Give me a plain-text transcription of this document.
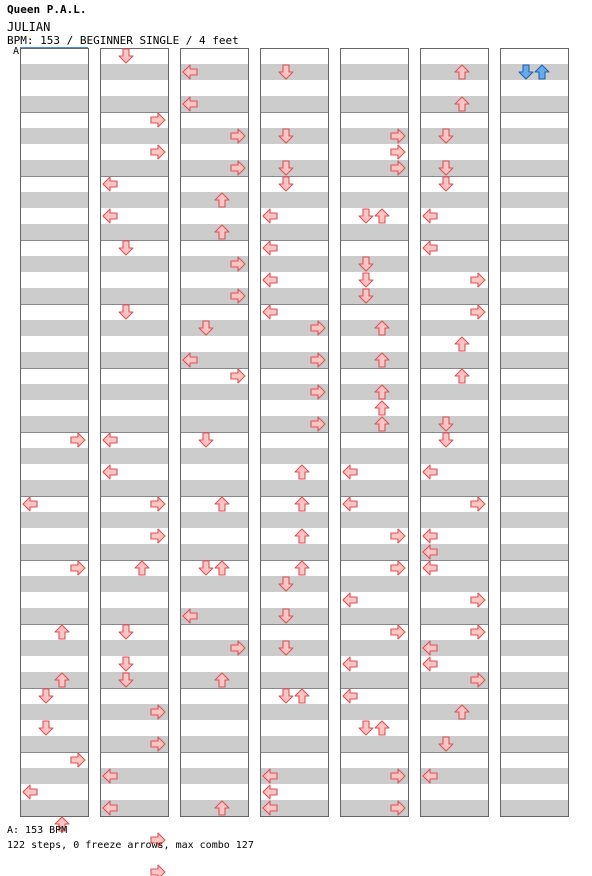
Queen P.A.L.
JULIAN
BPM: 153 / BEGINNER SINGLE / 4 feet
A
A: 153 BPM
122 steps, 0 freeze arrows, max combo 127
